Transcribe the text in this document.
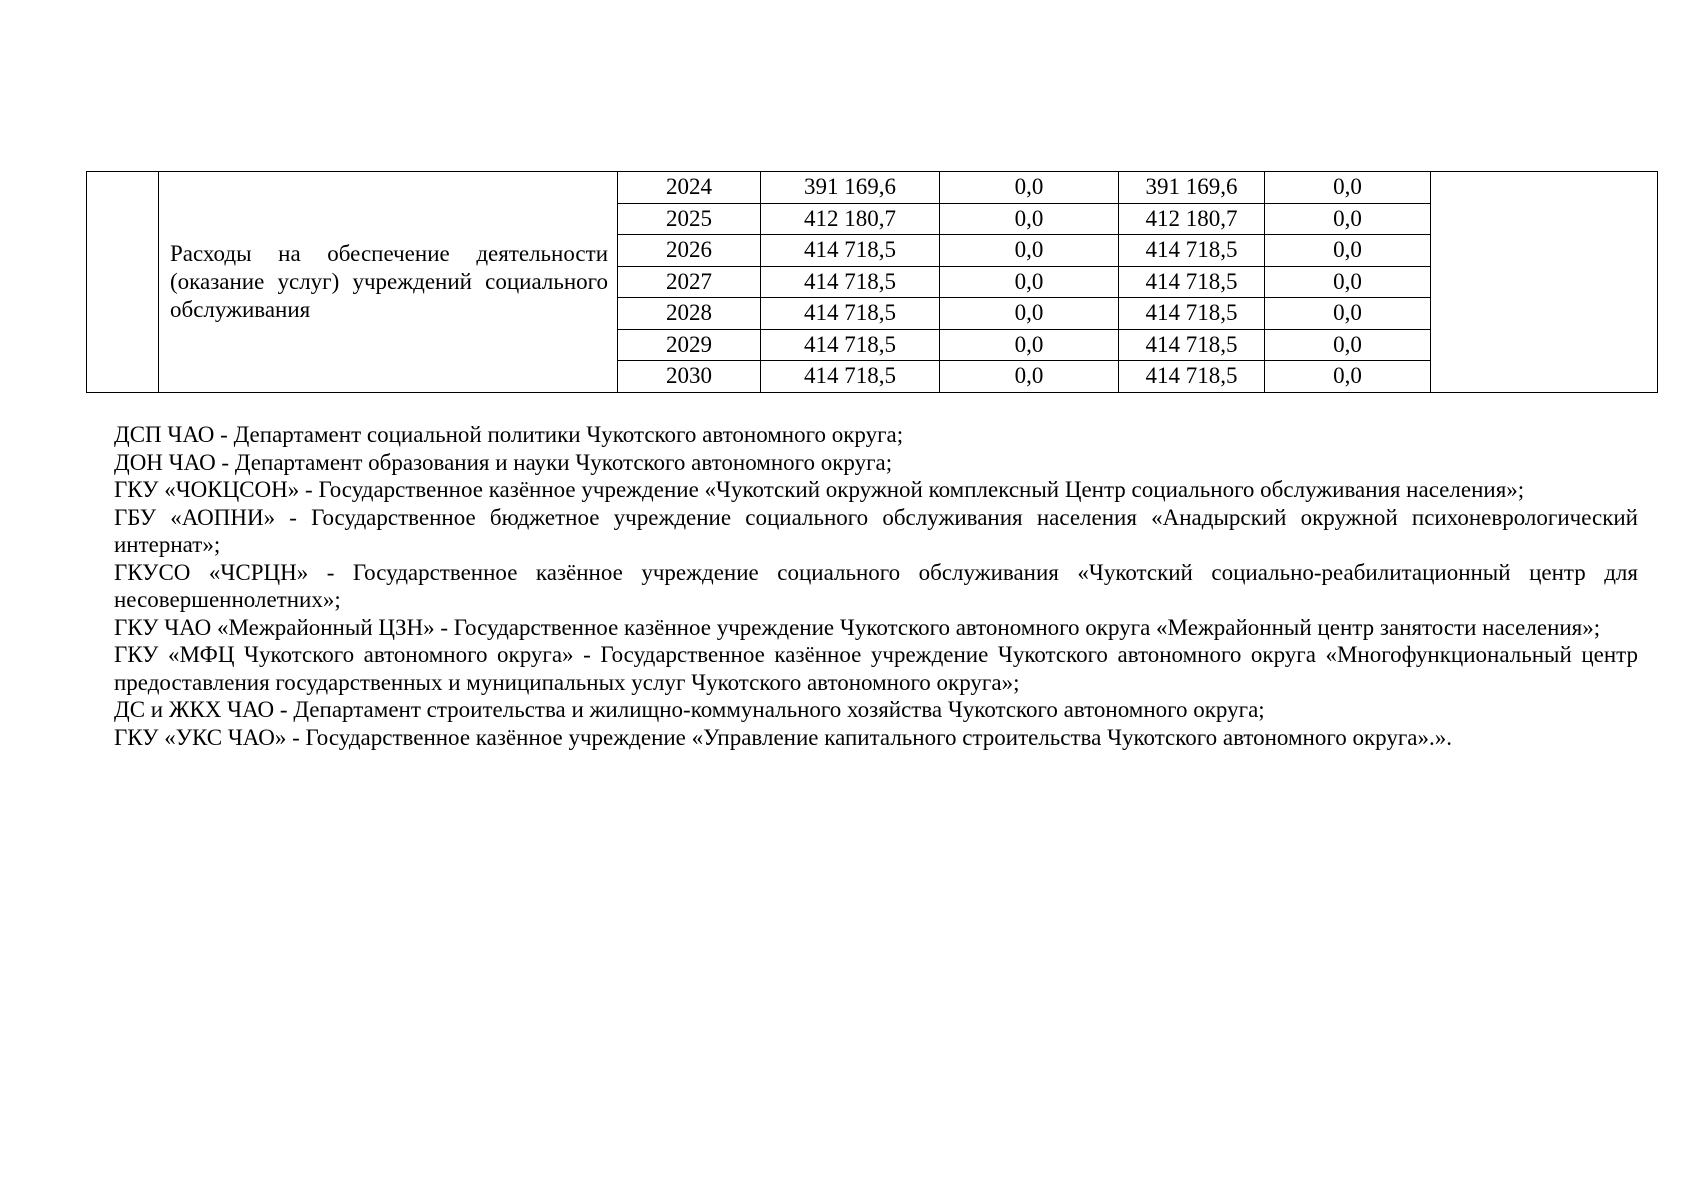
	Расходы на обеспечение деятельности (оказание услуг) учреждений социального обслуживания	2024	391 169,6	0,0	391 169,6	0,0	
		2025	412 180,7	0,0	412 180,7	0,0	
		2026	414 718,5	0,0	414 718,5	0,0	
		2027	414 718,5	0,0	414 718,5	0,0	
		2028	414 718,5	0,0	414 718,5	0,0	
		2029	414 718,5	0,0	414 718,5	0,0	
		2030	414 718,5	0,0	414 718,5	0,0	

ДСП ЧАО - Департамент социальной политики Чукотского автономного округа;

ДОН ЧАО - Департамент образования и науки Чукотского автономного округа;

ГКУ «ЧОКЦСОН» - Государственное казённое учреждение «Чукотский окружной комплексный Центр социального обслуживания населения»;

ГБУ «АОПНИ» - Государственное бюджетное учреждение социального обслуживания населения «Анадырский окружной психоневрологический интернат»;

ГКУСО «ЧСРЦН» - Государственное казённое учреждение социального обслуживания «Чукотский социально-реабилитационный центр для несовершеннолетних»;

ГКУ ЧАО «Межрайонный ЦЗН» - Государственное казённое учреждение Чукотского автономного округа «Межрайонный центр занятости населения»;

ГКУ «МФЦ Чукотского автономного округа» - Государственное казённое учреждение Чукотского автономного округа «Многофункциональный центр предоставления государственных и муниципальных услуг Чукотского автономного округа»;

ДС и ЖКХ ЧАО - Департамент строительства и жилищно-коммунального хозяйства Чукотского автономного округа;

ГКУ «УКС ЧАО» - Государственное казённое учреждение «Управление капитального строительства Чукотского автономного округа».».
